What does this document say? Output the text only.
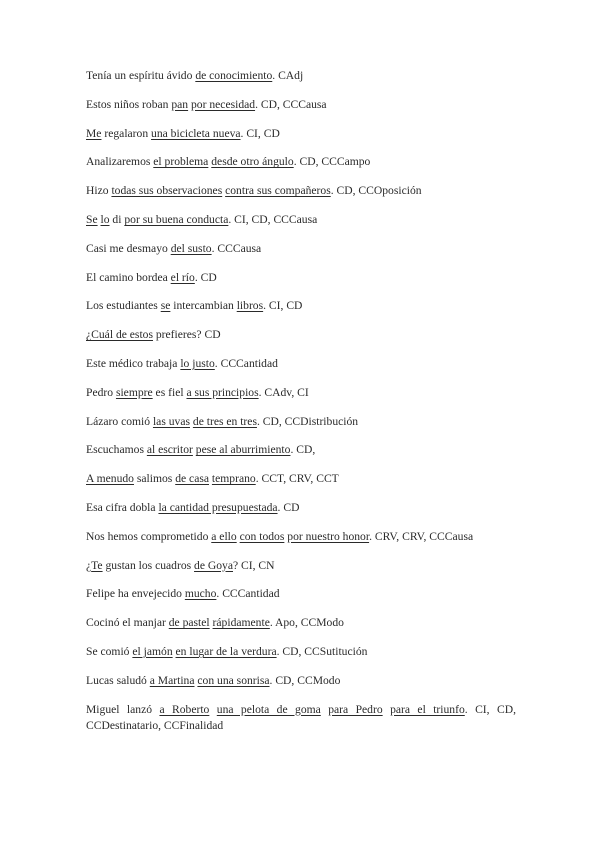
Tenía un espíritu ávido de conocimiento. CAdj
Estos niños roban pan por necesidad. CD, CCCausa
Me regalaron una bicicleta nueva. CI, CD
Analizaremos el problema desde otro ángulo. CD, CCCampo
Hizo todas sus observaciones contra sus compañeros. CD, CCOposición
Se lo di por su buena conducta. CI, CD, CCCausa
Casi me desmayo del susto. CCCausa
El camino bordea el río. CD
Los estudiantes se intercambian libros. CI, CD
¿Cuál de estos prefieres? CD
Este médico trabaja lo justo. CCCantidad
Pedro siempre es fiel a sus principios. CAdv, CI
Lázaro comió las uvas de tres en tres. CD, CCDistribución
Escuchamos al escritor pese al aburrimiento. CD,
A menudo salimos de casa temprano. CCT, CRV, CCT
Esa cifra dobla la cantidad presupuestada. CD
Nos hemos comprometido a ello con todos por nuestro honor. CRV, CRV, CCCausa
¿Te gustan los cuadros de Goya? CI, CN
Felipe ha envejecido mucho. CCCantidad
Cocinó el manjar de pastel rápidamente. Apo, CCModo
Se comió el jamón en lugar de la verdura. CD, CCSutitución
Lucas saludó a Martina con una sonrisa. CD, CCModo
Miguel lanzó a Roberto una pelota de goma para Pedro para el triunfo. CI, CD, CCDestinatario, CCFinalidad
